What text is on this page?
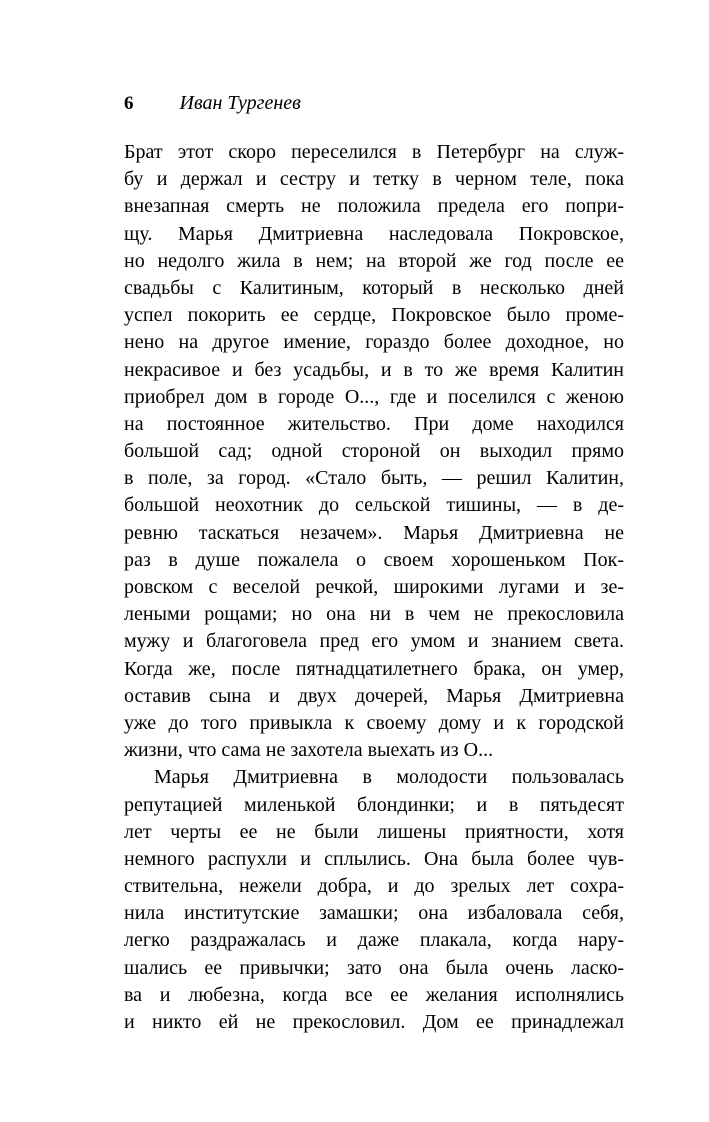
6 Иван Тургенев
Брат этот скоро переселился в Петербург на служ-
бу и держал и сестру и тетку в черном теле, пока
внезапная смерть не положила предела его попри-
щу. Марья Дмитриевна наследовала Покровское,
но недолго жила в нем; на второй же год после ее
свадьбы с Калитиным, который в несколько дней
успел покорить ее сердце, Покровское было проме-
нено на другое имение, гораздо более доходное, но
некрасивое и без усадьбы, и в то же время Калитин
приобрел дом в городе О..., где и поселился с женою
на постоянное жительство. При доме находился
большой сад; одной стороной он выходил прямо
в поле, за город. «Стало быть, — решил Калитин,
большой неохотник до сельской тишины, — в де-
ревню таскаться незачем». Марья Дмитриевна не
раз в душе пожалела о своем хорошеньком Пок-
ровском с веселой речкой, широкими лугами и зе-
леными рощами; но она ни в чем не прекословила
мужу и благоговела пред его умом и знанием света.
Когда же, после пятнадцатилетнего брака, он умер,
оставив сына и двух дочерей, Марья Дмитриевна
уже до того привыкла к своему дому и к городской
жизни, что сама не захотела выехать из О...
Марья Дмитриевна в молодости пользовалась
репутацией миленькой блондинки; и в пятьдесят
лет черты ее не были лишены приятности, хотя
немного распухли и сплылись. Она была более чув-
ствительна, нежели добра, и до зрелых лет сохра-
нила институтские замашки; она избаловала себя,
легко раздражалась и даже плакала, когда нару-
шались ее привычки; зато она была очень ласко-
ва и любезна, когда все ее желания исполнялись
и никто ей не прекословил. Дом ее принадлежал
